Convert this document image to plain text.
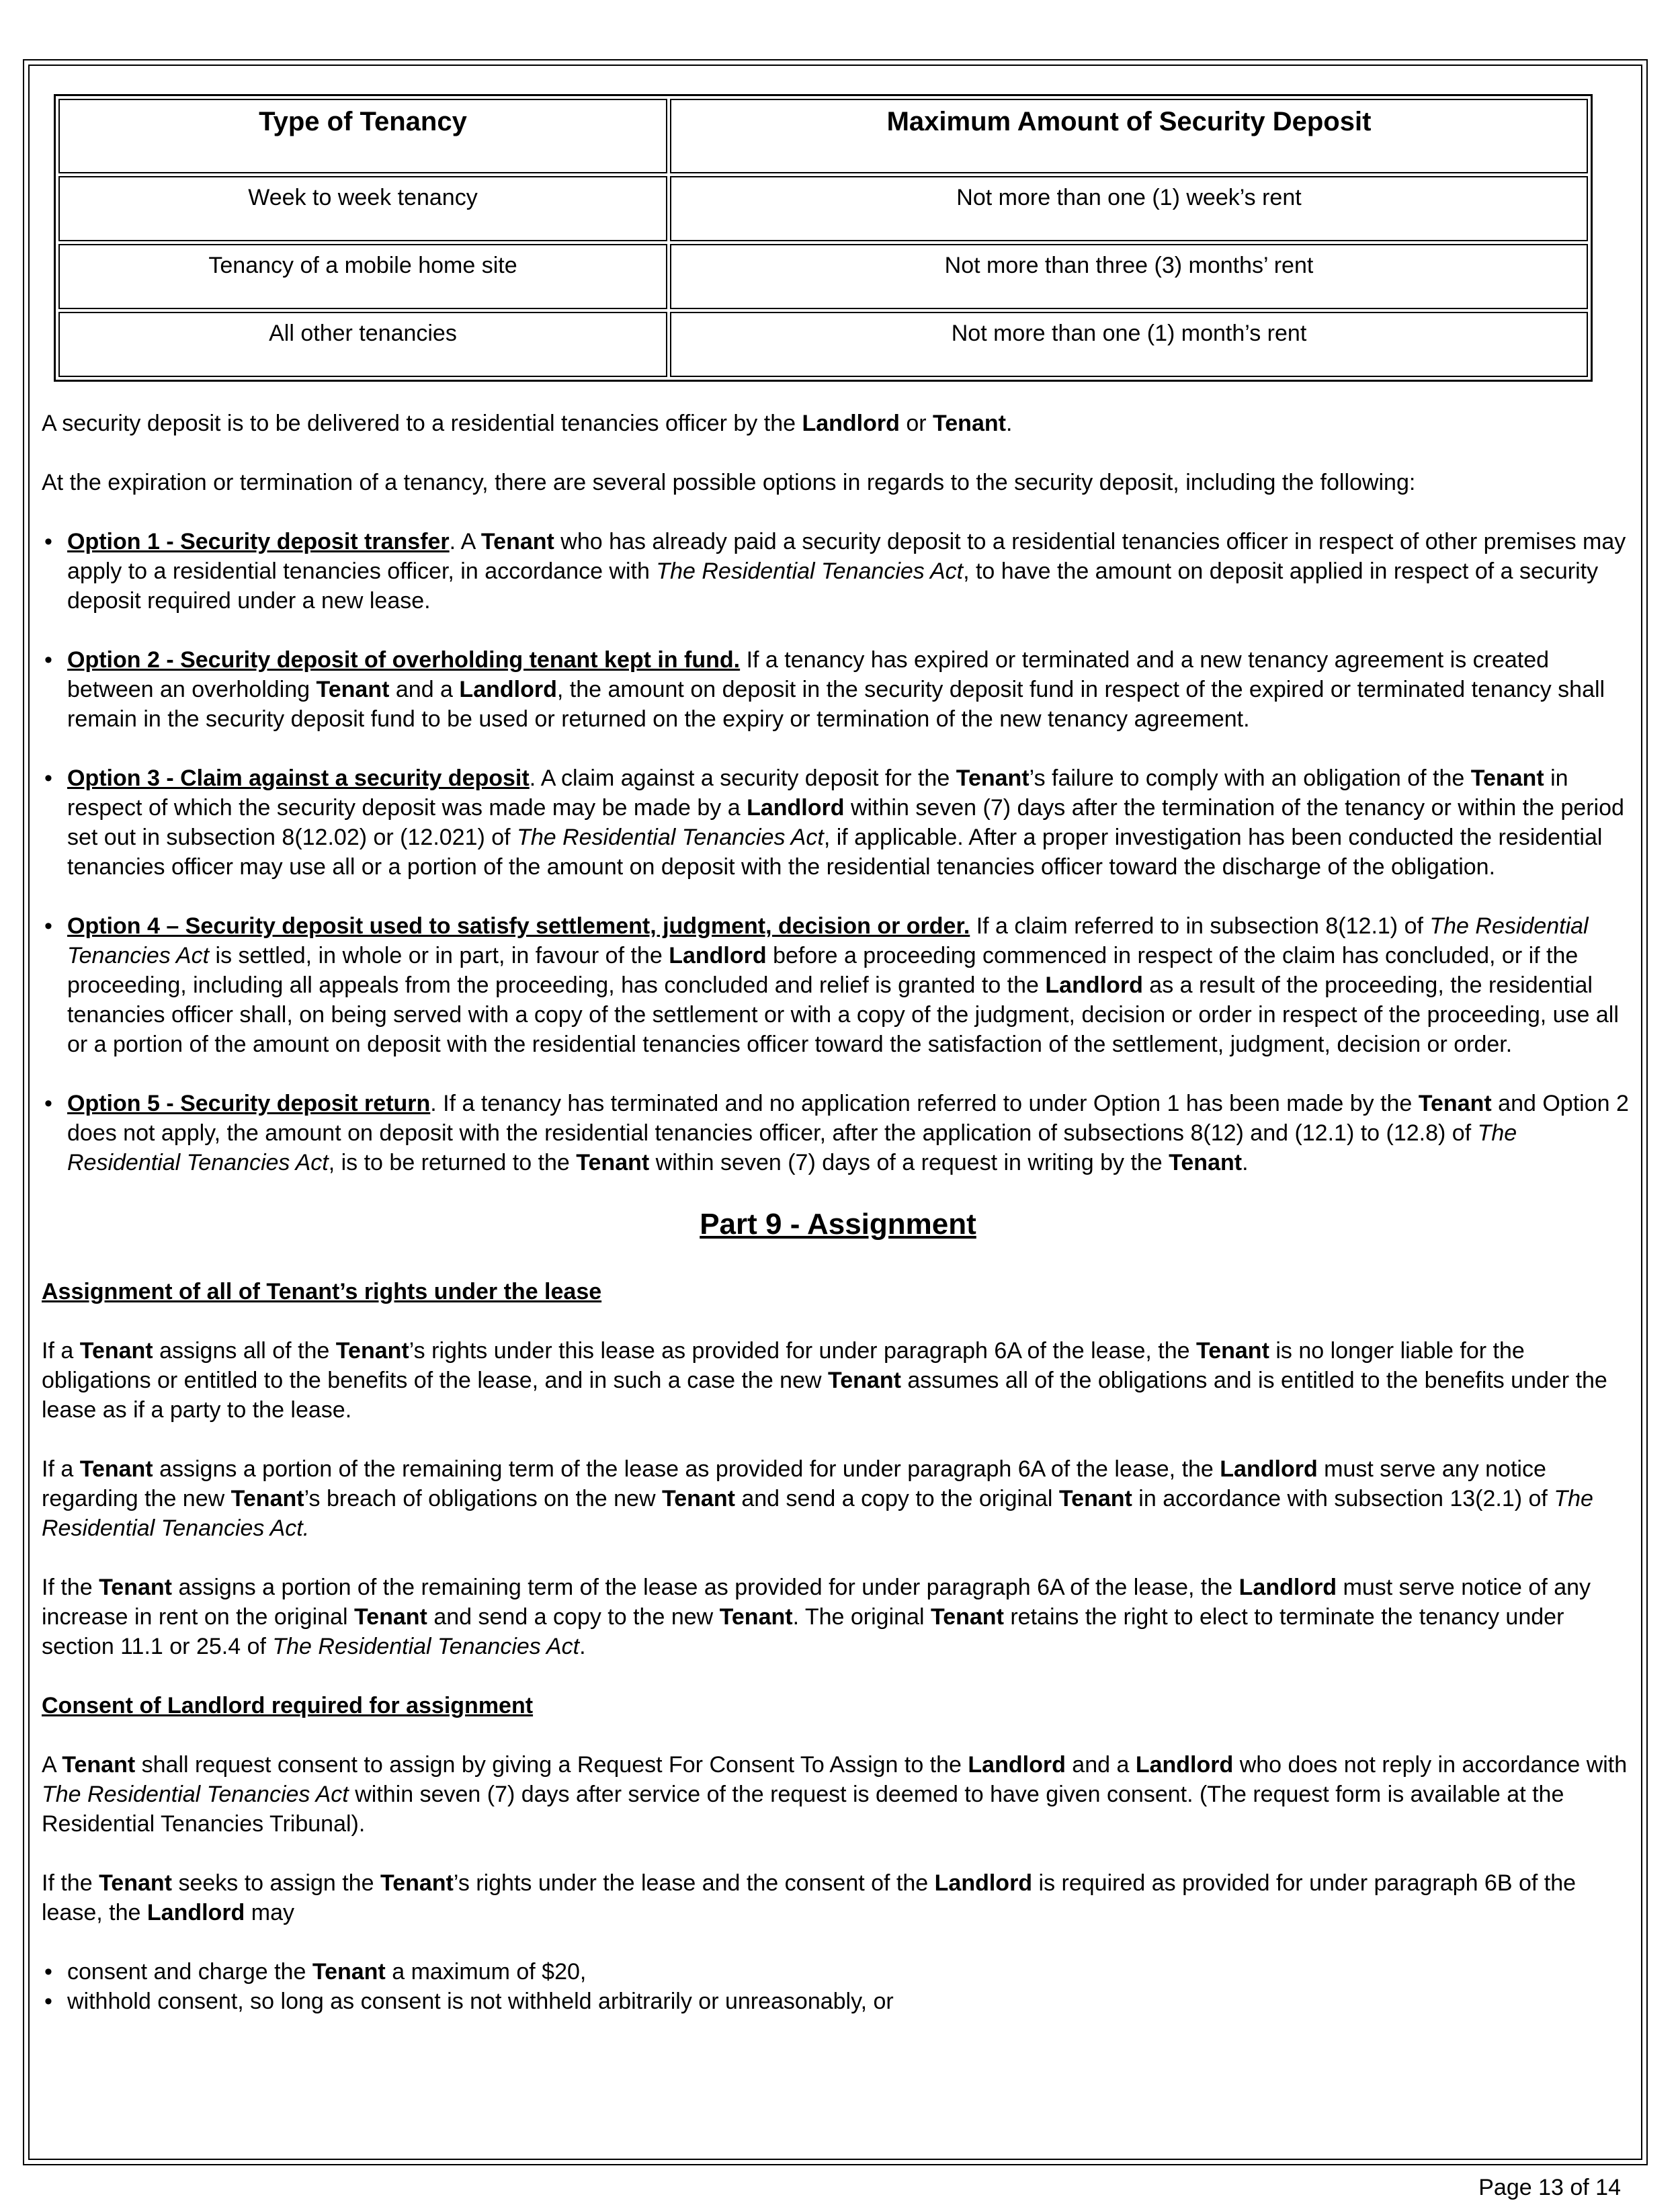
Type of Tenancy	Maximum Amount of Security Deposit
Week to week tenancy	Not more than one (1) week’s rent
Tenancy of a mobile home site	Not more than three (3) months’ rent
All other tenancies	Not more than one (1) month’s rent

A security deposit is to be delivered to a residential tenancies officer by the Landlord or Tenant.

At the expiration or termination of a tenancy, there are several possible options in regards to the security deposit, including the following:

• Option 1 - Security deposit transfer. A Tenant who has already paid a security deposit to a residential tenancies officer in respect of other premises may apply to a residential tenancies officer, in accordance with The Residential Tenancies Act, to have the amount on deposit applied in respect of a security deposit required under a new lease.
• Option 2 - Security deposit of overholding tenant kept in fund. If a tenancy has expired or terminated and a new tenancy agreement is created between an overholding Tenant and a Landlord, the amount on deposit in the security deposit fund in respect of the expired or terminated tenancy shall remain in the security deposit fund to be used or returned on the expiry or termination of the new tenancy agreement.
• Option 3 - Claim against a security deposit. A claim against a security deposit for the Tenant’s failure to comply with an obligation of the Tenant in respect of which the security deposit was made may be made by a Landlord within seven (7) days after the termination of the tenancy or within the period set out in subsection 8(12.02) or (12.021) of The Residential Tenancies Act, if applicable. After a proper investigation has been conducted the residential tenancies officer may use all or a portion of the amount on deposit with the residential tenancies officer toward the discharge of the obligation.
• Option 4 – Security deposit used to satisfy settlement, judgment, decision or order. If a claim referred to in subsection 8(12.1) of The Residential Tenancies Act is settled, in whole or in part, in favour of the Landlord before a proceeding commenced in respect of the claim has concluded, or if the proceeding, including all appeals from the proceeding, has concluded and relief is granted to the Landlord as a result of the proceeding, the residential tenancies officer shall, on being served with a copy of the settlement or with a copy of the judgment, decision or order in respect of the proceeding, use all or a portion of the amount on deposit with the residential tenancies officer toward the satisfaction of the settlement, judgment, decision or order.
• Option 5 - Security deposit return. If a tenancy has terminated and no application referred to under Option 1 has been made by the Tenant and Option 2 does not apply, the amount on deposit with the residential tenancies officer, after the application of subsections 8(12) and (12.1) to (12.8) of The Residential Tenancies Act, is to be returned to the Tenant within seven (7) days of a request in writing by the Tenant.
Part 9 - Assignment
Assignment of all of Tenant’s rights under the lease

If a Tenant assigns all of the Tenant’s rights under this lease as provided for under paragraph 6A of the lease, the Tenant is no longer liable for the obligations or entitled to the benefits of the lease, and in such a case the new Tenant assumes all of the obligations and is entitled to the benefits under the lease as if a party to the lease.

If a Tenant assigns a portion of the remaining term of the lease as provided for under paragraph 6A of the lease, the Landlord must serve any notice regarding the new Tenant’s breach of obligations on the new Tenant and send a copy to the original Tenant in accordance with subsection 13(2.1) of The Residential Tenancies Act.

If the Tenant assigns a portion of the remaining term of the lease as provided for under paragraph 6A of the lease, the Landlord must serve notice of any increase in rent on the original Tenant and send a copy to the new Tenant. The original Tenant retains the right to elect to terminate the tenancy under section 11.1 or 25.4 of The Residential Tenancies Act.

Consent of Landlord required for assignment

A Tenant shall request consent to assign by giving a Request For Consent To Assign to the Landlord and a Landlord who does not reply in accordance with The Residential Tenancies Act within seven (7) days after service of the request is deemed to have given consent. (The request form is available at the Residential Tenancies Tribunal).

If the Tenant seeks to assign the Tenant’s rights under the lease and the consent of the Landlord is required as provided for under paragraph 6B of the lease, the Landlord may

• consent and charge the Tenant a maximum of $20,
• withhold consent, so long as consent is not withheld arbitrarily or unreasonably, or
Page 13 of 14
